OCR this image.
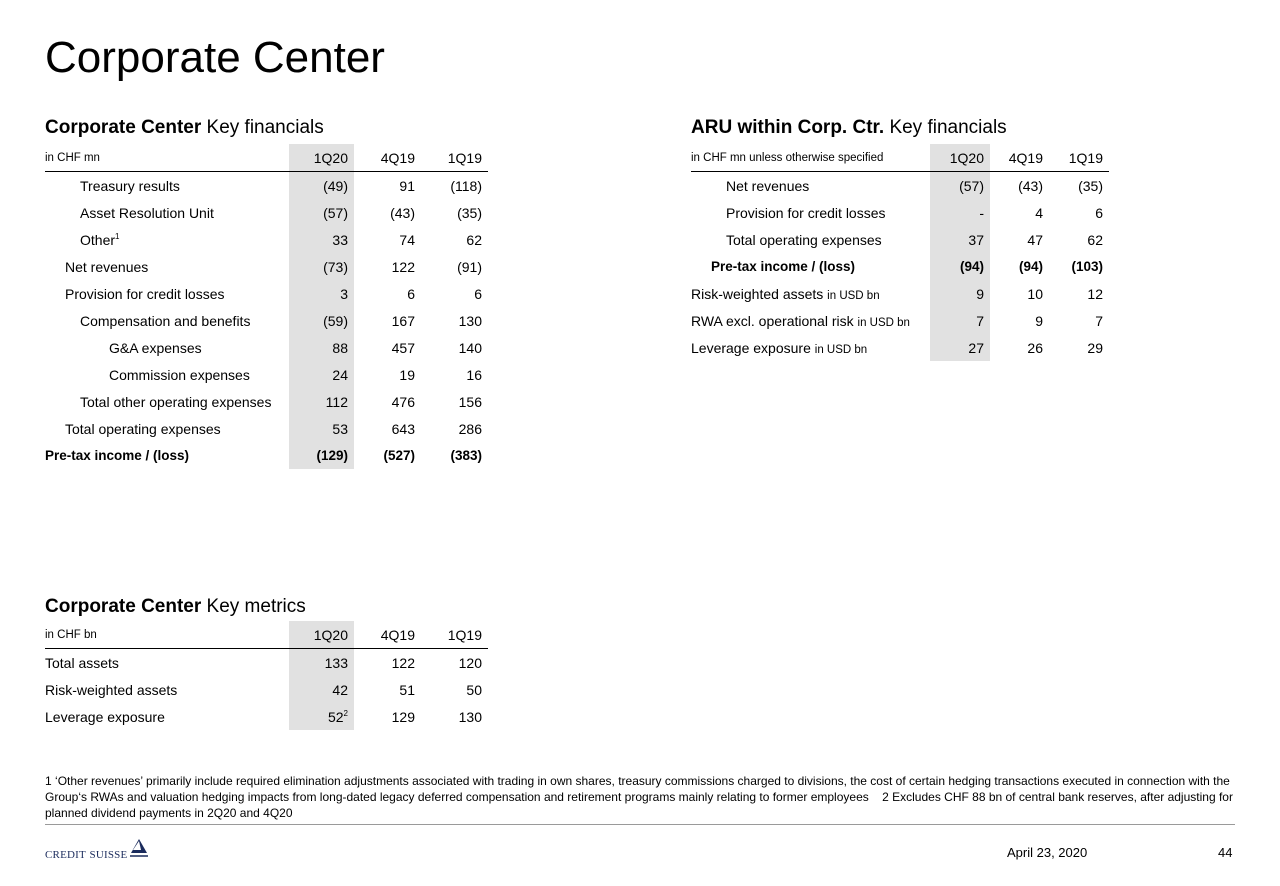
Corporate Center
Corporate Center Key financials
in CHF mn	1Q20	4Q19	1Q19
Treasury results	(49)	91	(118)
Asset Resolution Unit	(57)	(43)	(35)
Other$^1$	33	74	62
Net revenues	(73)	122	(91)
Provision for credit losses	3	6	6
Compensation and benefits	(59)	167	130
G&A expenses	88	457	140
Commission expenses	24	19	16
Total other operating expenses	112	476	156
Total operating expenses	53	643	286
Pre-tax income / (loss)	(129)	(527)	(383)
ARU within Corp. Ctr. Key financials
in CHF mn unless otherwise specified	1Q20	4Q19	1Q19
Net revenues	(57)	(43)	(35)
Provision for credit losses	-	4	6
Total operating expenses	37	47	62
Pre-tax income / (loss)	(94)	(94)	(103)
Risk-weighted assets in USD bn	9	10	12
RWA excl. operational risk in USD bn	7	9	7
Leverage exposure in USD bn	27	26	29
Corporate Center Key metrics
in CHF bn	1Q20	4Q19	1Q19
Total assets	133	122	120
Risk-weighted assets	42	51	50
Leverage exposure	$52^2$	129	130
1 ‘Other revenues’ primarily include required elimination adjustments associated with trading in own shares, treasury commissions charged to divisions, the cost of certain hedging transactions executed in connection with the Group‘s RWAs and valuation hedging impacts from long-dated legacy deferred compensation and retirement programs mainly relating to former employees 2 Excludes CHF 88 bn of central bank reserves, after adjusting for planned dividend payments in 2Q20 and 4Q20
CREDIT SUISSE	April 23, 2020	44
